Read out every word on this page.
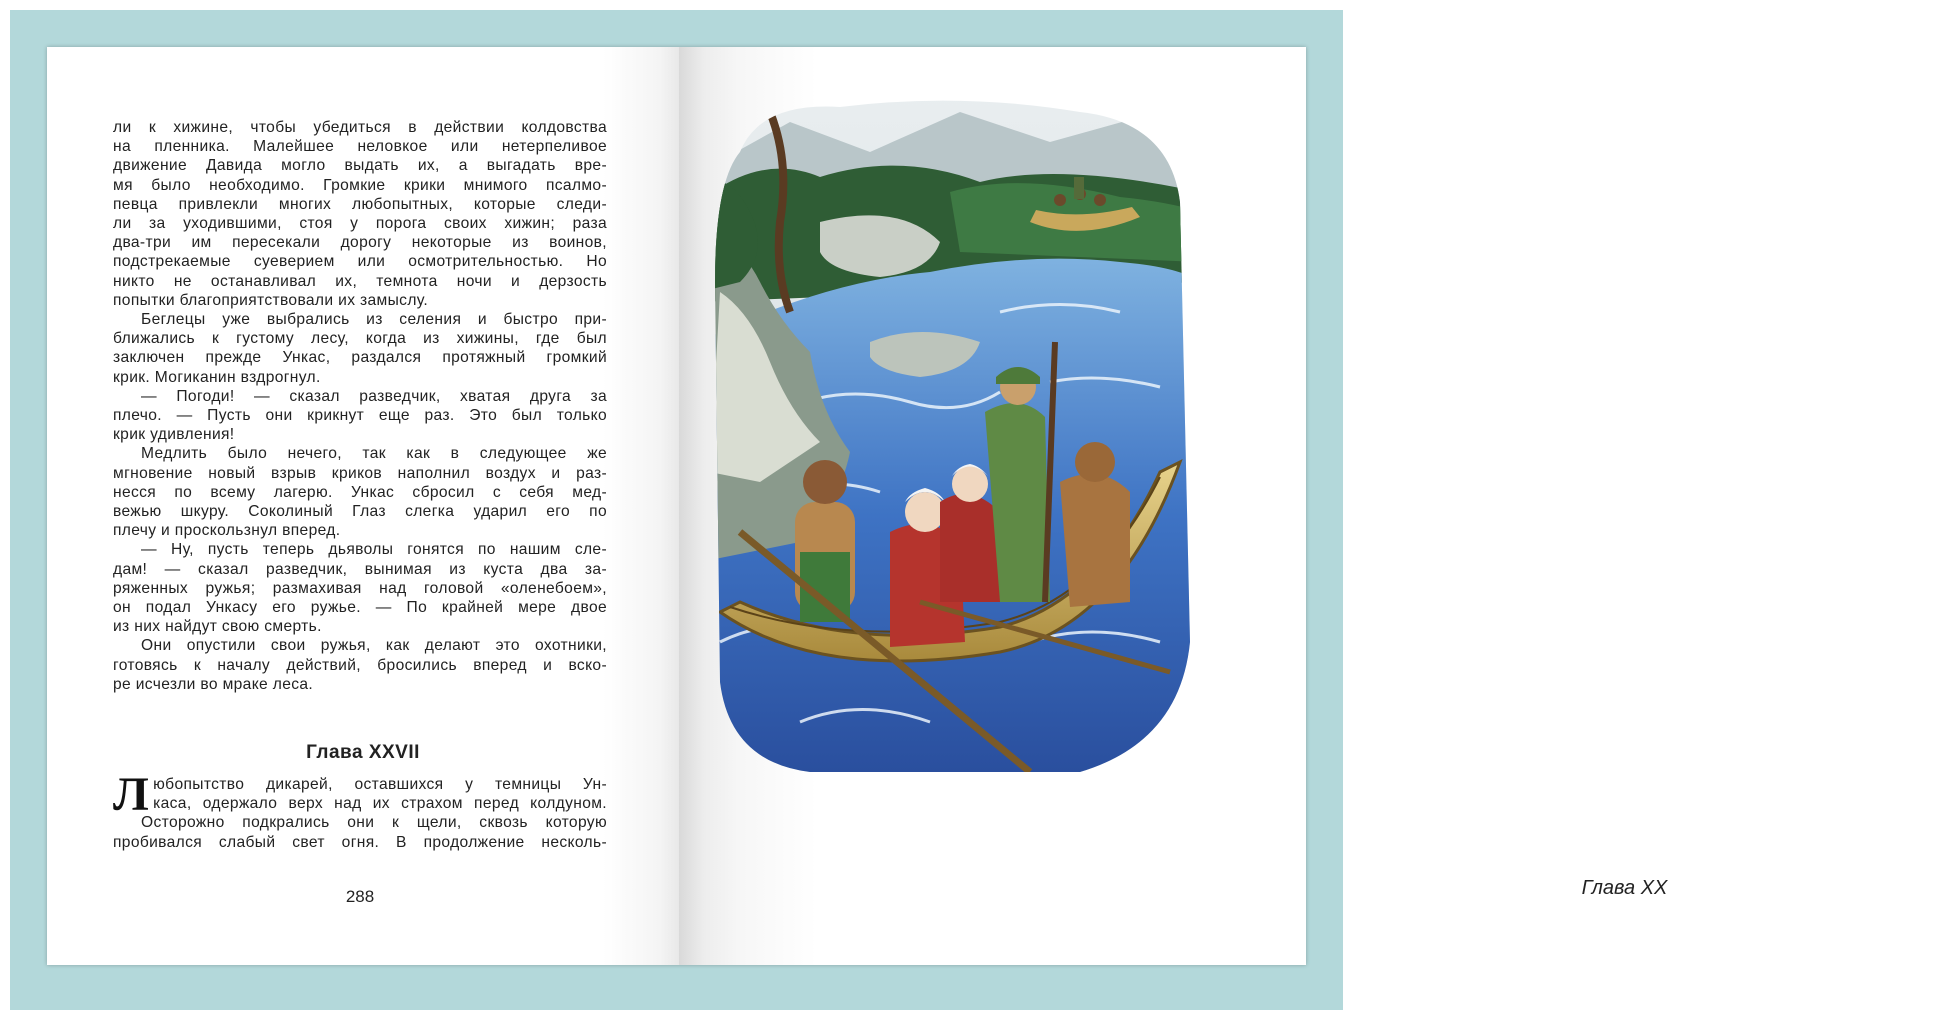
ли к хижине, чтобы убедиться в действии колдовства

на пленника. Малейшее неловкое или нетерпеливое

движение Давида могло выдать их, а выгадать вре-

мя было необходимо. Громкие крики мнимого псалмо-

певца привлекли многих любопытных, которые следи-

ли за уходившими, стоя у порога своих хижин; раза

два-три им пересекали дорогу некоторые из воинов,

подстрекаемые суеверием или осмотрительностью. Но

никто не останавливал их, темнота ночи и дерзость

попытки благоприятствовали их замыслу.

Беглецы уже выбрались из селения и быстро при-

ближались к густому лесу, когда из хижины, где был

заключен прежде Ункас, раздался протяжный громкий

крик. Могиканин вздрогнул.

— Погоди! — сказал разведчик, хватая друга за

плечо. — Пусть они крикнут еще раз. Это был только

крик удивления!

Медлить было нечего, так как в следующее же

мгновение новый взрыв криков наполнил воздух и раз-

несся по всему лагерю. Ункас сбросил с себя мед-

вежью шкуру. Соколиный Глаз слегка ударил его по

плечу и проскользнул вперед.

— Ну, пусть теперь дьяволы гонятся по нашим сле-

дам! — сказал разведчик, вынимая из куста два за-

ряженных ружья; размахивая над головой «оленебоем»,

он подал Ункасу его ружье. — По крайней мере двое

из них найдут свою смерть.

Они опустили свои ружья, как делают это охотники,

готовясь к началу действий, бросились вперед и вско-

ре исчезли во мраке леса.

Глава XXVII
Л юбопытство дикарей, оставшихся у темницы Ун-

каса, одержало верх над их страхом перед колдуном.

Осторожно подкрались они к щели, сквозь которую

пробивался слабый свет огня. В продолжение несколь-

288	Глава XX
